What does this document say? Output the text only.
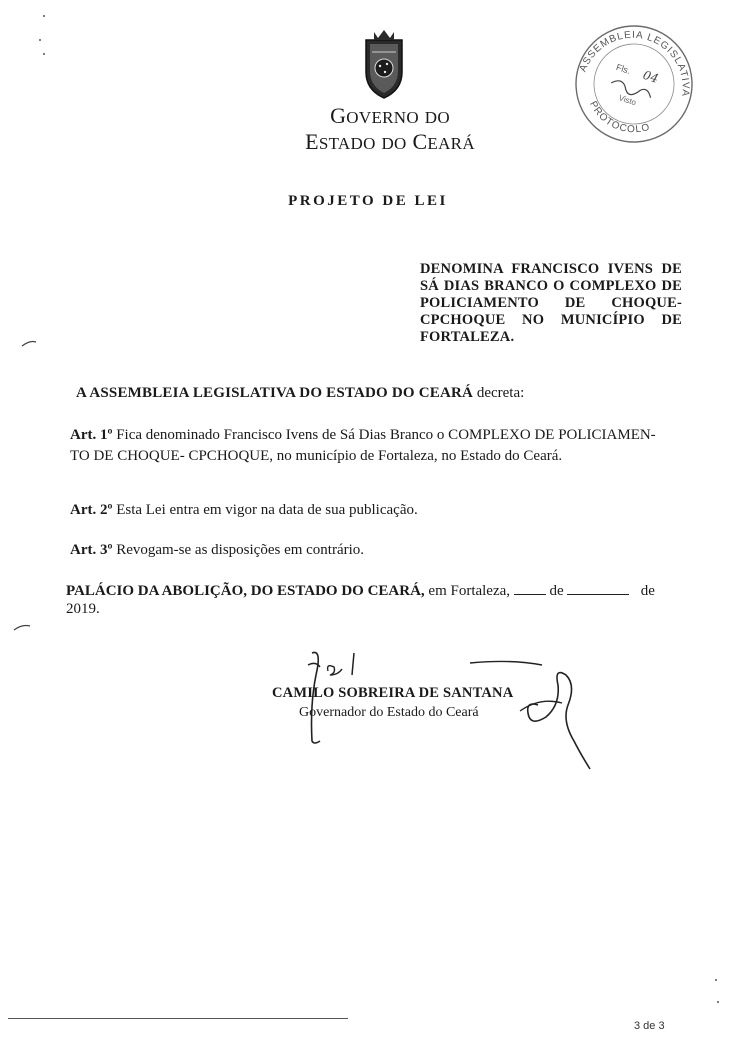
GOVERNO DO
ESTADO DO CEARÁ
ASSEMBLEIA LEGISLATIVA
PROTOCOLO
Fls. 04
Visto
PROJETO DE LEI
DENOMINA FRANCISCO IVENS DE SÁ DIAS BRANCO O COMPLEXO DE POLICIAMENTO DE CHOQUE-CPCHOQUE NO MUNICÍPIO DE FORTALEZA.
A ASSEMBLEIA LEGISLATIVA DO ESTADO DO CEARÁ decreta:
Art. 1º Fica denominado Francisco Ivens de Sá Dias Branco o COMPLEXO DE POLICIAMEN-
TO DE CHOQUE- CPCHOQUE, no município de Fortaleza, no Estado do Ceará.
Art. 2º Esta Lei entra em vigor na data de sua publicação.
Art. 3º Revogam-se as disposições em contrário.
PALÁCIO DA ABOLIÇÃO, DO ESTADO DO CEARÁ, em Fortaleza,	de	de
2019.
CAMILO SOBREIRA DE SANTANA
Governador do Estado do Ceará
3 de 3
